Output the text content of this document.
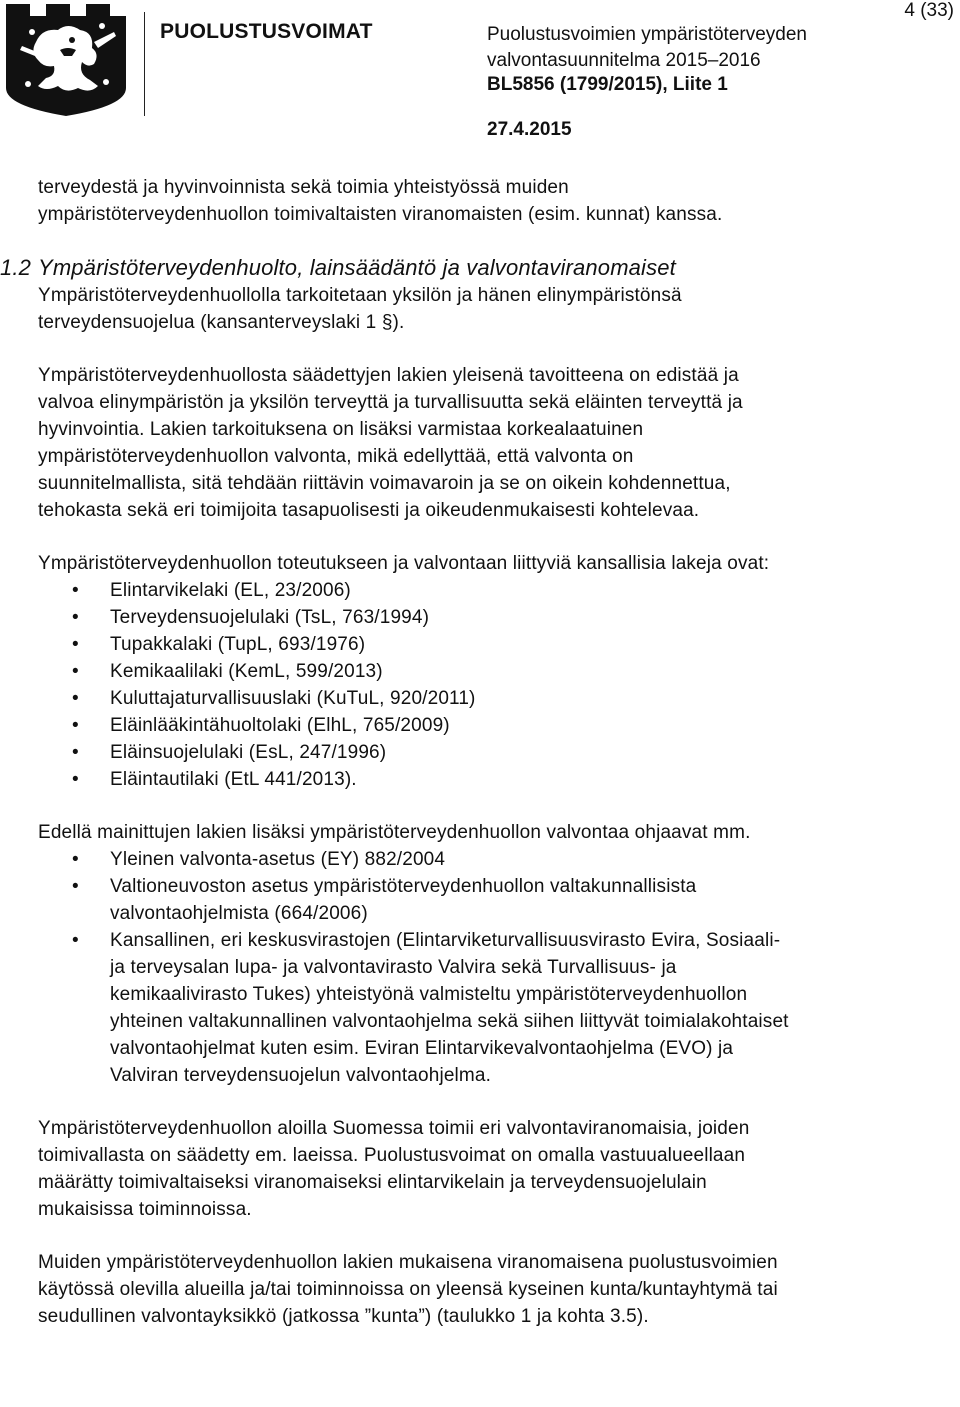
PUOLUSTUSVOIMAT	Puolustusvoimien ympäristöterveyden
valvontasuunnitelma 2015–2016
BL5856 (1799/2015), Liite 1
27.4.2015
4 (33)

terveydestä ja hyvinvoinnista sekä toimia yhteistyössä muiden
ympäristöterveydenhuollon toimivaltaisten viranomaisten (esim. kunnat) kanssa.

1.2 Ympäristöterveydenhuolto, lainsäädäntö ja valvontaviranomaiset

Ympäristöterveydenhuollolla tarkoitetaan yksilön ja hänen elinympäristönsä
terveydensuojelua (kansanterveyslaki 1 §).

Ympäristöterveydenhuollosta säädettyjen lakien yleisenä tavoitteena on edistää ja
valvoa elinympäristön ja yksilön terveyttä ja turvallisuutta sekä eläinten terveyttä ja
hyvinvointia. Lakien tarkoituksena on lisäksi varmistaa korkealaatuinen
ympäristöterveydenhuollon valvonta, mikä edellyttää, että valvonta on
suunnitelmallista, sitä tehdään riittävin voimavaroin ja se on oikein kohdennettua,
tehokasta sekä eri toimijoita tasapuolisesti ja oikeudenmukaisesti kohtelevaa.

Ympäristöterveydenhuollon toteutukseen ja valvontaan liittyviä kansallisia lakeja ovat:

• Elintarvikelaki (EL, 23/2006)
• Terveydensuojelulaki (TsL, 763/1994)
• Tupakkalaki (TupL, 693/1976)
• Kemikaalilaki (KemL, 599/2013)
• Kuluttajaturvallisuuslaki (KuTuL, 920/2011)
• Eläinlääkintähuoltolaki (ElhL, 765/2009)
• Eläinsuojelulaki (EsL, 247/1996)
• Eläintautilaki (EtL 441/2013).

Edellä mainittujen lakien lisäksi ympäristöterveydenhuollon valvontaa ohjaavat mm.

• Yleinen valvonta-asetus (EY) 882/2004
• Valtioneuvoston asetus ympäristöterveydenhuollon valtakunnallisista
valvontaohjelmista (664/2006)
• Kansallinen, eri keskusvirastojen (Elintarviketurvallisuusvirasto Evira, Sosiaali-
ja terveysalan lupa- ja valvontavirasto Valvira sekä Turvallisuus- ja
kemikaalivirasto Tukes) yhteistyönä valmisteltu ympäristöterveydenhuollon
yhteinen valtakunnallinen valvontaohjelma sekä siihen liittyvät toimialakohtaiset
valvontaohjelmat kuten esim. Eviran Elintarvikevalvontaohjelma (EVO) ja
Valviran terveydensuojelun valvontaohjelma.

Ympäristöterveydenhuollon aloilla Suomessa toimii eri valvontaviranomaisia, joiden
toimivallasta on säädetty em. laeissa. Puolustusvoimat on omalla vastuualueellaan
määrätty toimivaltaiseksi viranomaiseksi elintarvikelain ja terveydensuojelulain
mukaisissa toiminnoissa.

Muiden ympäristöterveydenhuollon lakien mukaisena viranomaisena puolustusvoimien
käytössä olevilla alueilla ja/tai toiminnoissa on yleensä kyseinen kunta/kuntayhtymä tai
seudullinen valvontayksikkö (jatkossa ”kunta”) (taulukko 1 ja kohta 3.5).
